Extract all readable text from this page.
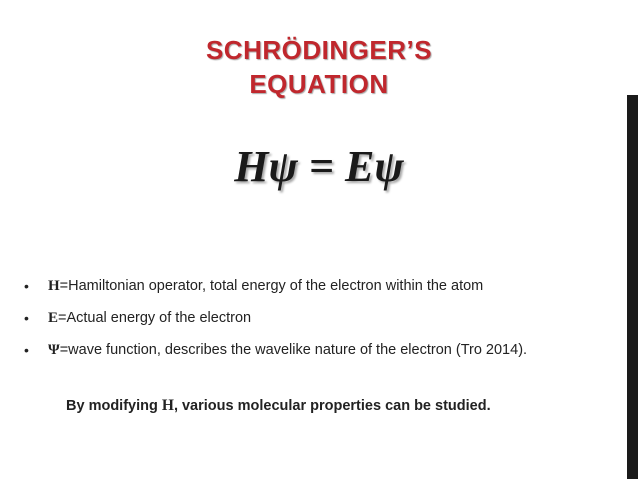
SCHRÖDINGER’S
EQUATION
Hψ = Eψ
• H=Hamiltonian operator, total energy of the electron within the atom
• E=Actual energy of the electron
• Ψ=wave function, describes the wavelike nature of the electron (Tro 2014).
By modifying H, various molecular properties can be studied.
